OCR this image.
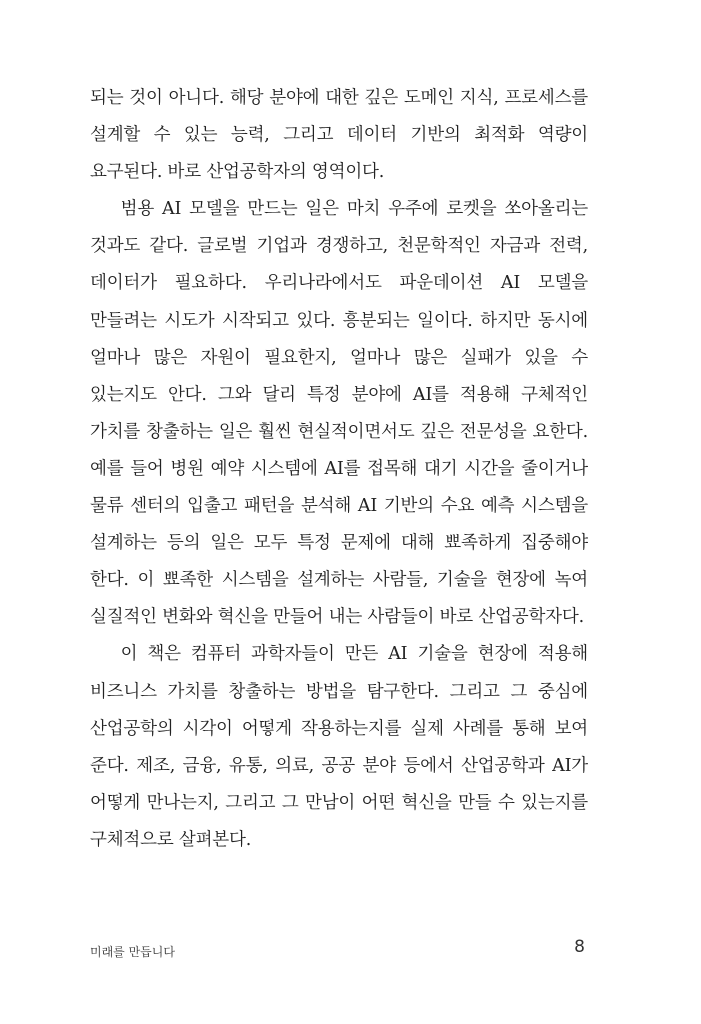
되는 것이 아니다. 해당 분야에 대한 깊은 도메인 지식, 프로세스를 설계할 수 있는 능력, 그리고 데이터 기반의 최적화 역량이 요구된다. 바로 산업공학자의 영역이다.

범용 AI 모델을 만드는 일은 마치 우주에 로켓을 쏘아올리는 것과도 같다. 글로벌 기업과 경쟁하고, 천문학적인 자금과 전력, 데이터가 필요하다. 우리나라에서도 파운데이션 AI 모델을 만들려는 시도가 시작되고 있다. 흥분되는 일이다. 하지만 동시에 얼마나 많은 자원이 필요한지, 얼마나 많은 실패가 있을 수 있는지도 안다. 그와 달리 특정 분야에 AI를 적용해 구체적인 가치를 창출하는 일은 훨씬 현실적이면서도 깊은 전문성을 요한다. 예를 들어 병원 예약 시스템에 AI를 접목해 대기 시간을 줄이거나 물류 센터의 입출고 패턴을 분석해 AI 기반의 수요 예측 시스템을 설계하는 등의 일은 모두 특정 문제에 대해 뾰족하게 집중해야 한다. 이 뾰족한 시스템을 설계하는 사람들, 기술을 현장에 녹여 실질적인 변화와 혁신을 만들어 내는 사람들이 바로 산업공학자다.

이 책은 컴퓨터 과학자들이 만든 AI 기술을 현장에 적용해 비즈니스 가치를 창출하는 방법을 탐구한다. 그리고 그 중심에 산업공학의 시각이 어떻게 작용하는지를 실제 사례를 통해 보여 준다. 제조, 금융, 유통, 의료, 공공 분야 등에서 산업공학과 AI가 어떻게 만나는지, 그리고 그 만남이 어떤 혁신을 만들 수 있는지를 구체적으로 살펴본다.

미래를 만듭니다	8
